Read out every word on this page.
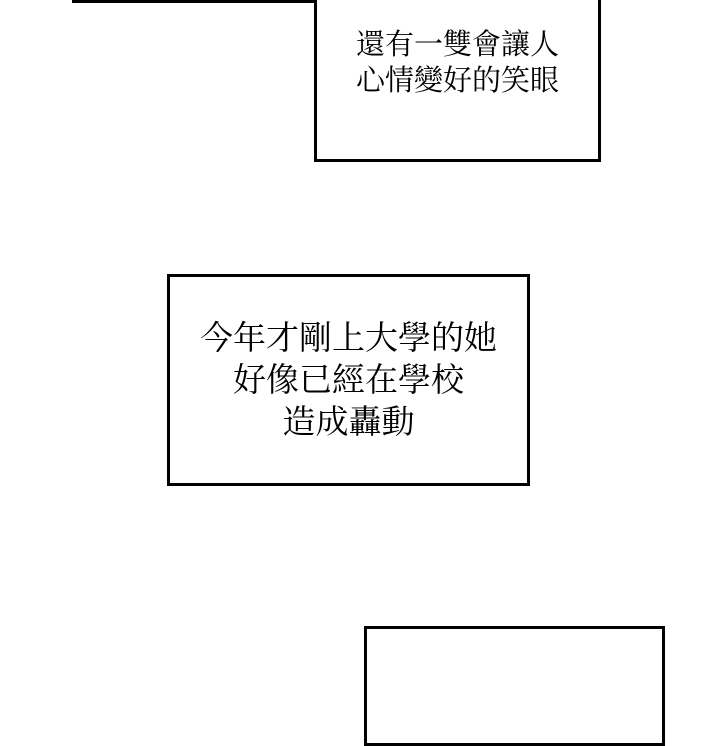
還有一雙會讓人
心情變好的笑眼
今年才剛上大學的她
好像已經在學校
造成轟動
